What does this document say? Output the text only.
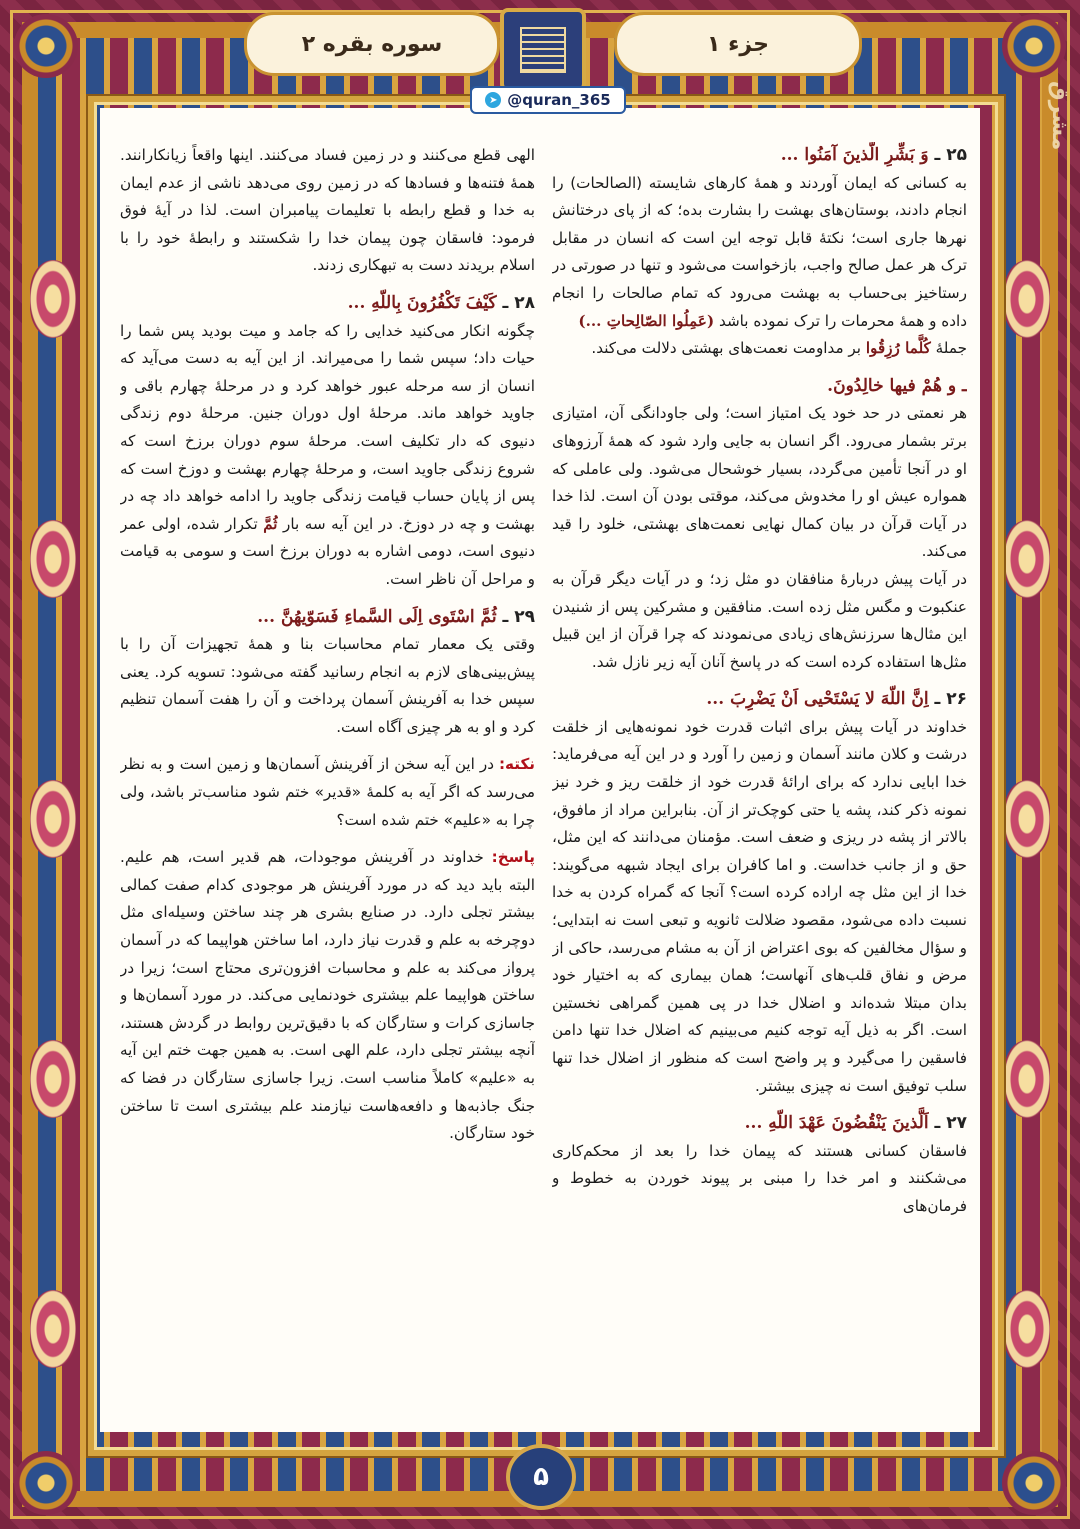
جزء ۱
سوره بقره ۲
مشرق
➤ @quran_365

۲۵ ـ وَ بَشِّرِ الَّذینَ آمَنُوا ...

به کسانی که ایمان آوردند و همهٔ کارهای شایسته (الصالحات) را انجام دادند، بوستان‌های بهشت را بشارت بده؛ که از پای درختانش نهرها جاری است؛ نکتهٔ قابل توجه این است که انسان در مقابل ترک هر عمل صالح واجب، بازخواست می‌شود و تنها در صورتی در رستاخیز بی‌حساب به بهشت می‌رود که تمام صالحات را انجام داده و همهٔ محرمات را ترک نموده باشد (عَمِلُوا الصّالِحاتِ ...)

جملهٔ کُلَّما رُزِقُوا بر مداومت نعمت‌های بهشتی دلالت می‌کند.

ـ و هُمْ فیها خالِدُونَ.

هر نعمتی در حد خود یک امتیاز است؛ ولی جاودانگی آن، امتیازی برتر بشمار می‌رود. اگر انسان به جایی وارد شود که همهٔ آرزوهای او در آنجا تأمین می‌گردد، بسیار خوشحال می‌شود. ولی عاملی که همواره عیش او را مخدوش می‌کند، موقتی بودن آن است. لذا خدا در آیات قرآن در بیان کمال نهایی نعمت‌های بهشتی، خلود را قید می‌کند.

در آیات پیش دربارهٔ منافقان دو مثل زد؛ و در آیات دیگر قرآن به عنکبوت و مگس مثل زده است. منافقین و مشرکین پس از شنیدن این مثال‌ها سرزنش‌های زیادی می‌نمودند که چرا قرآن از این قبیل مثل‌ها استفاده کرده است که در پاسخ آنان آیه زیر نازل شد.

۲۶ ـ اِنَّ اللّهَ لا یَسْتَحْیی اَنْ یَضْرِبَ ...

خداوند در آیات پیش برای اثبات قدرت خود نمونه‌هایی از خلقت درشت و کلان مانند آسمان و زمین را آورد و در این آیه می‌فرماید: خدا ابایی ندارد که برای ارائهٔ قدرت خود از خلقت ریز و خرد نیز نمونه ذکر کند، پشه یا حتی کوچک‌تر از آن. بنابراین مراد از مافوق، بالاتر از پشه در ریزی و ضعف است. مؤمنان می‌دانند که این مثل، حق و از جانب خداست. و اما کافران برای ایجاد شبهه می‌گویند: خدا از این مثل چه اراده کرده است؟ آنجا که گمراه کردن به خدا نسبت داده می‌شود، مقصود ضلالت ثانویه و تبعی است نه ابتدایی؛ و سؤال مخالفین که بوی اعتراض از آن به مشام می‌رسد، حاکی از مرض و نفاق قلب‌های آنهاست؛ همان بیماری که به اختیار خود بدان مبتلا شده‌اند و اضلال خدا در پی همین گمراهی نخستین است. اگر به ذیل آیه توجه کنیم می‌بینیم که اضلال خدا تنها دامن فاسقین را می‌گیرد و پر واضح است که منظور از اضلال خدا تنها سلب توفیق است نه چیزی بیشتر.

۲۷ ـ اَلَّذینَ یَنْقُضُونَ عَهْدَ اللّهِ ...

فاسقان کسانی هستند که پیمان خدا را بعد از محکم‌کاری می‌شکنند و امر خدا را مبنی بر پیوند خوردن به خطوط و فرمان‌های

الهی قطع می‌کنند و در زمین فساد می‌کنند. اینها واقعاً زیانکارانند. همهٔ فتنه‌ها و فسادها که در زمین روی می‌دهد ناشی از عدم ایمان به خدا و قطع رابطه با تعلیمات پیامبران است. لذا در آیهٔ فوق فرمود: فاسقان چون پیمان خدا را شکستند و رابطهٔ خود را با اسلام بریدند دست به تبهکاری زدند.

۲۸ ـ کَیْفَ تَکْفُرُونَ بِاللّهِ ...

چگونه انکار می‌کنید خدایی را که جامد و میت بودید پس شما را حیات داد؛ سپس شما را می‌میراند. از این آیه به دست می‌آید که انسان از سه مرحله عبور خواهد کرد و در مرحلهٔ چهارم باقی و جاوید خواهد ماند. مرحلهٔ اول دوران جنین. مرحلهٔ دوم زندگی دنیوی که دار تکلیف است. مرحلهٔ سوم دوران برزخ است که شروع زندگی جاوید است، و مرحلهٔ چهارم بهشت و دوزخ است که پس از پایان حساب قیامت زندگی جاوید را ادامه خواهد داد چه در بهشت و چه در دوزخ. در این آیه سه بار ثُمَّ تکرار شده، اولی عمر دنیوی است، دومی اشاره به دوران برزخ است و سومی به قیامت و مراحل آن ناظر است.

۲۹ ـ ثُمَّ اسْتَوی اِلَی السَّماءِ فَسَوّیهُنَّ ...

وقتی یک معمار تمام محاسبات بنا و همهٔ تجهیزات آن را با پیش‌بینی‌های لازم به انجام رسانید گفته می‌شود: تسویه کرد. یعنی سپس خدا به آفرینش آسمان پرداخت و آن را هفت آسمان تنظیم کرد و او به هر چیزی آگاه است.

نکته: در این آیه سخن از آفرینش آسمان‌ها و زمین است و به نظر می‌رسد که اگر آیه به کلمهٔ «قدیر» ختم شود مناسب‌تر باشد، ولی چرا به «علیم» ختم شده است؟

پاسخ: خداوند در آفرینش موجودات، هم قدیر است، هم علیم. البته باید دید که در مورد آفرینش هر موجودی کدام صفت کمالی بیشتر تجلی دارد. در صنایع بشری هر چند ساختن وسیله‌ای مثل دوچرخه به علم و قدرت نیاز دارد، اما ساختن هواپیما که در آسمان پرواز می‌کند به علم و محاسبات افزون‌تری محتاج است؛ زیرا در ساختن هواپیما علم بیشتری خودنمایی می‌کند. در مورد آسمان‌ها و جاسازی کرات و ستارگان که با دقیق‌ترین روابط در گردش هستند، آنچه بیشتر تجلی دارد، علم الهی است. به همین جهت ختم این آیه به «علیم» کاملاً مناسب است. زیرا جاسازی ستارگان در فضا که جنگ جاذبه‌ها و دافعه‌هاست نیازمند علم بیشتری است تا ساختن خود ستارگان.

۵
